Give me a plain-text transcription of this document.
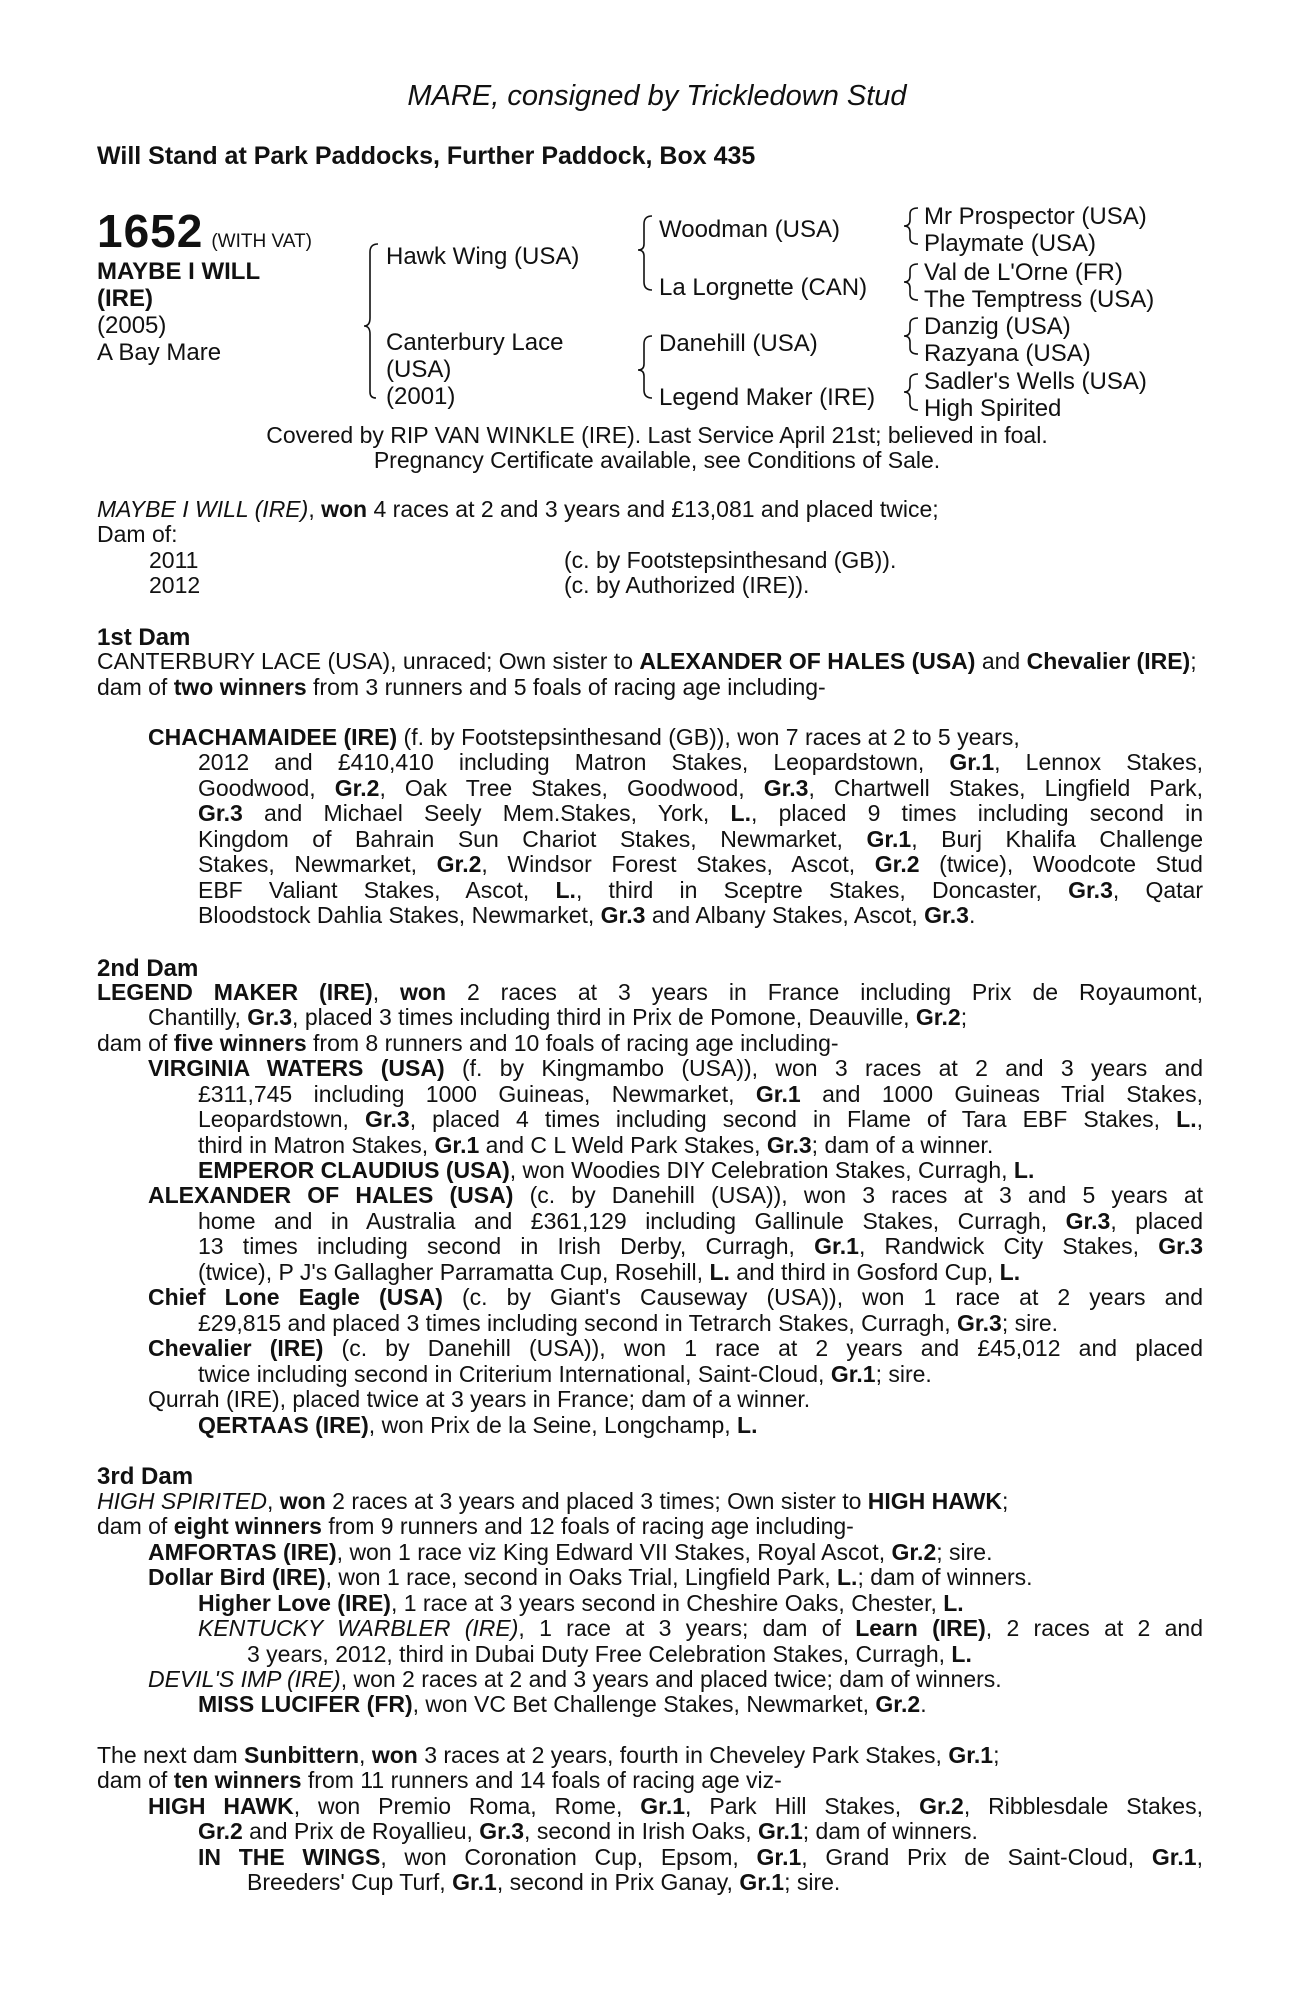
MARE, consigned by Trickledown Stud
Will Stand at Park Paddocks, Further Paddock, Box 435
1652 (WITH VAT)
MAYBE I WILL
(IRE)
(2005)
A Bay Mare
Hawk Wing (USA)
Canterbury Lace
(USA)
(2001)
Woodman (USA)
La Lorgnette (CAN)
Danehill (USA)
Legend Maker (IRE)
Mr Prospector (USA)
Playmate (USA)
Val de L'Orne (FR)
The Temptress (USA)
Danzig (USA)
Razyana (USA)
Sadler's Wells (USA)
High Spirited
Covered by RIP VAN WINKLE (IRE). Last Service April 21st; believed in foal.
Pregnancy Certificate available, see Conditions of Sale.
MAYBE I WILL (IRE), won 4 races at 2 and 3 years and £13,081 and placed twice;
Dam of:
2011	(c. by Footstepsinthesand (GB)).
2012	(c. by Authorized (IRE)).
1st Dam
CANTERBURY LACE (USA), unraced; Own sister to ALEXANDER OF HALES (USA) and Chevalier (IRE);
dam of two winners from 3 runners and 5 foals of racing age including-
CHACHAMAIDEE (IRE) (f. by Footstepsinthesand (GB)), won 7 races at 2 to 5 years,
2012 and £410,410 including Matron Stakes, Leopardstown, Gr.1, Lennox Stakes,
Goodwood, Gr.2, Oak Tree Stakes, Goodwood, Gr.3, Chartwell Stakes, Lingfield Park,
Gr.3 and Michael Seely Mem.Stakes, York, L., placed 9 times including second in
Kingdom of Bahrain Sun Chariot Stakes, Newmarket, Gr.1, Burj Khalifa Challenge
Stakes, Newmarket, Gr.2, Windsor Forest Stakes, Ascot, Gr.2 (twice), Woodcote Stud
EBF Valiant Stakes, Ascot, L., third in Sceptre Stakes, Doncaster, Gr.3, Qatar
Bloodstock Dahlia Stakes, Newmarket, Gr.3 and Albany Stakes, Ascot, Gr.3.
2nd Dam
LEGEND MAKER (IRE), won 2 races at 3 years in France including Prix de Royaumont,
Chantilly, Gr.3, placed 3 times including third in Prix de Pomone, Deauville, Gr.2;
dam of five winners from 8 runners and 10 foals of racing age including-
VIRGINIA WATERS (USA) (f. by Kingmambo (USA)), won 3 races at 2 and 3 years and
£311,745 including 1000 Guineas, Newmarket, Gr.1 and 1000 Guineas Trial Stakes,
Leopardstown, Gr.3, placed 4 times including second in Flame of Tara EBF Stakes, L.,
third in Matron Stakes, Gr.1 and C L Weld Park Stakes, Gr.3; dam of a winner.
EMPEROR CLAUDIUS (USA), won Woodies DIY Celebration Stakes, Curragh, L.
ALEXANDER OF HALES (USA) (c. by Danehill (USA)), won 3 races at 3 and 5 years at
home and in Australia and £361,129 including Gallinule Stakes, Curragh, Gr.3, placed
13 times including second in Irish Derby, Curragh, Gr.1, Randwick City Stakes, Gr.3
(twice), P J's Gallagher Parramatta Cup, Rosehill, L. and third in Gosford Cup, L.
Chief Lone Eagle (USA) (c. by Giant's Causeway (USA)), won 1 race at 2 years and
£29,815 and placed 3 times including second in Tetrarch Stakes, Curragh, Gr.3; sire.
Chevalier (IRE) (c. by Danehill (USA)), won 1 race at 2 years and £45,012 and placed
twice including second in Criterium International, Saint-Cloud, Gr.1; sire.
Qurrah (IRE), placed twice at 3 years in France; dam of a winner.
QERTAAS (IRE), won Prix de la Seine, Longchamp, L.
3rd Dam
HIGH SPIRITED, won 2 races at 3 years and placed 3 times; Own sister to HIGH HAWK;
dam of eight winners from 9 runners and 12 foals of racing age including-
AMFORTAS (IRE), won 1 race viz King Edward VII Stakes, Royal Ascot, Gr.2; sire.
Dollar Bird (IRE), won 1 race, second in Oaks Trial, Lingfield Park, L.; dam of winners.
Higher Love (IRE), 1 race at 3 years second in Cheshire Oaks, Chester, L.
KENTUCKY WARBLER (IRE), 1 race at 3 years; dam of Learn (IRE), 2 races at 2 and
3 years, 2012, third in Dubai Duty Free Celebration Stakes, Curragh, L.
DEVIL'S IMP (IRE), won 2 races at 2 and 3 years and placed twice; dam of winners.
MISS LUCIFER (FR), won VC Bet Challenge Stakes, Newmarket, Gr.2.
The next dam Sunbittern, won 3 races at 2 years, fourth in Cheveley Park Stakes, Gr.1;
dam of ten winners from 11 runners and 14 foals of racing age viz-
HIGH HAWK, won Premio Roma, Rome, Gr.1, Park Hill Stakes, Gr.2, Ribblesdale Stakes,
Gr.2 and Prix de Royallieu, Gr.3, second in Irish Oaks, Gr.1; dam of winners.
IN THE WINGS, won Coronation Cup, Epsom, Gr.1, Grand Prix de Saint-Cloud, Gr.1,
Breeders' Cup Turf, Gr.1, second in Prix Ganay, Gr.1; sire.
